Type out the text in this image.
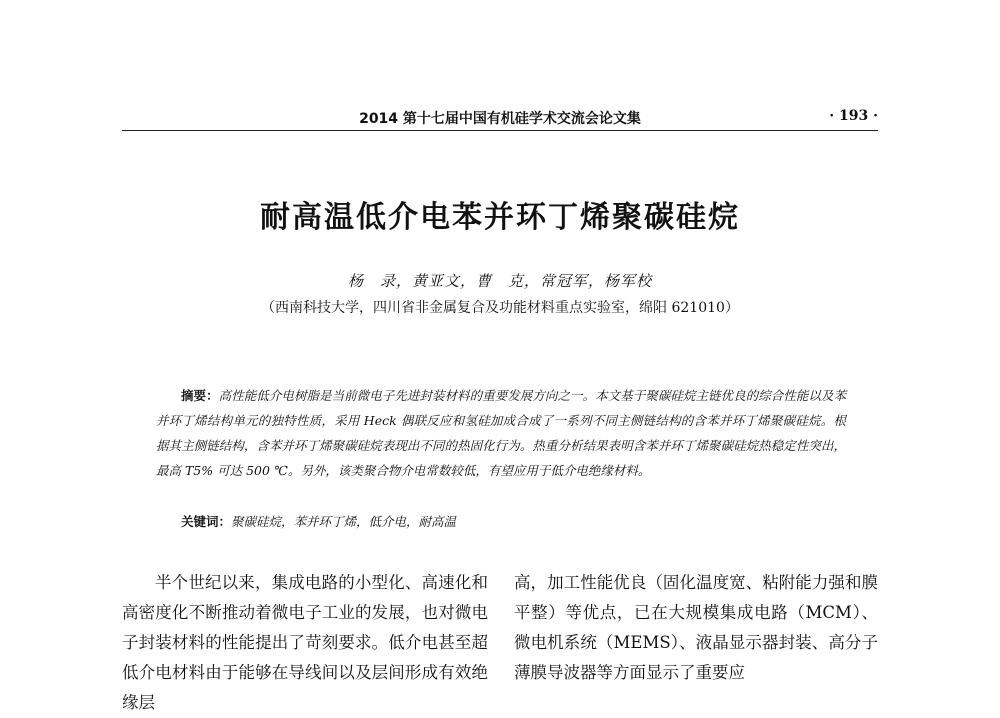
2014 第十七届中国有机硅学术交流会论文集	· 193 ·
耐高温低介电苯并环丁烯聚碳硅烷
杨　录，黄亚文，曹　克，常冠军，杨军校
（西南科技大学，四川省非金属复合及功能材料重点实验室，绵阳 621010）
摘要：高性能低介电树脂是当前微电子先进封装材料的重要发展方向之一。本文基于聚碳硅烷主链优良的综合性能以及苯并环丁烯结构单元的独特性质，采用 Heck 偶联反应和氢硅加成合成了一系列不同主侧链结构的含苯并环丁烯聚碳硅烷。根据其主侧链结构，含苯并环丁烯聚碳硅烷表现出不同的热固化行为。热重分析结果表明含苯并环丁烯聚碳硅烷热稳定性突出，最高 T5% 可达 500 ℃。另外，该类聚合物介电常数较低，有望应用于低介电绝缘材料。
关键词：聚碳硅烷，苯并环丁烯，低介电，耐高温
半个世纪以来，集成电路的小型化、高速化和高密度化不断推动着微电子工业的发展，也对微电子封装材料的性能提出了苛刻要求。低介电甚至超低介电材料由于能够在导线间以及层间形成有效绝缘层
高，加工性能优良（固化温度宽、粘附能力强和膜平整）等优点，已在大规模集成电路（MCM）、微电机系统（MEMS）、液晶显示器封装、高分子薄膜导波器等方面显示了重要应
